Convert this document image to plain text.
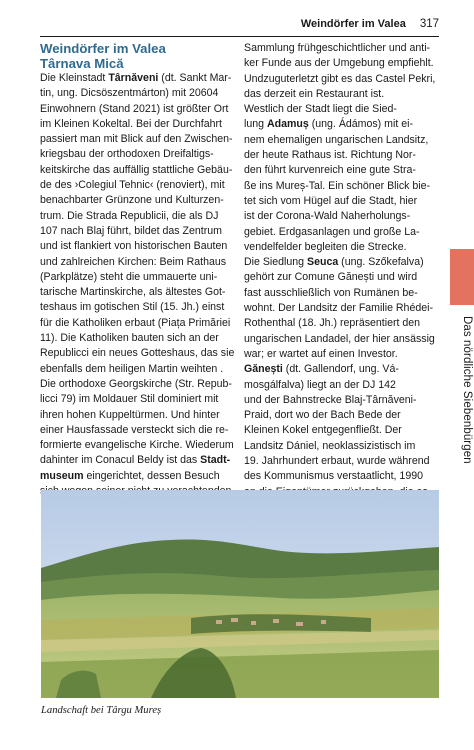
Weindörfer im Valea 317
Weindörfer im Valea
Târnava Mică

Die Kleinstadt Târnăveni (dt. Sankt Mar-
tin, ung. Dicsöszentmárton) mit 20604
Einwohnern (Stand 2021) ist größter Ort
im Kleinen Kokeltal. Bei der Durchfahrt
passiert man mit Blick auf den Zwischen-
kriegsbau der orthodoxen Dreifaltigs-
keitskirche das auffällig stattliche Gebäu-
de des ›Colegiul Tehnic‹ (renoviert), mit
benachbarter Grünzone und Kulturzen-
trum. Die Strada Republicii, die als DJ
107 nach Blaj führt, bildet das Zentrum
und ist flankiert von historischen Bauten
und zahlreichen Kirchen: Beim Rathaus
(Parkplätze) steht die ummauerte uni-
tarische Martinskirche, als ältestes Got-
teshaus im gotischen Stil (15. Jh.) einst
für die Katholiken erbaut (Piața Primăriei
11). Die Katholiken bauten sich an der
Republicci ein neues Gotteshaus, das sie
ebenfalls dem heiligen Martin weihten .
Die orthodoxe Georgskirche (Str. Repub-
licci 79) im Moldauer Stil dominiert mit
ihren hohen Kuppeltürmen. Und hinter
einer Hausfassade versteckt sich die re-
formierte evangelische Kirche. Wiederum
dahinter im Conacul Beldy ist das Stadt-
museum eingerichtet, dessen Besuch

Sammlung frühgeschichtlicher und anti-
ker Funde aus der Umgebung empfiehlt.
Undzuguterletzt gibt es das Castel Pekri,
das derzeit ein Restaurant ist.

Westlich der Stadt liegt die Sied-
lung Adamuș (ung. Ádámos) mit ei-
nem ehemaligen ungarischen Landsitz,
der heute Rathaus ist. Richtung Nor-
den führt kurvenreich eine gute Stra-
ße ins Mureș-Tal. Ein schöner Blick bie-
tet sich vom Hügel auf die Stadt, hier
ist der Corona-Wald Naherholungs-
gebiet. Erdgasanlagen und große La-
vendelfelder begleiten die Strecke.
Die Siedlung Seuca (ung. Szőkefalva)
gehört zur Comune Gănești und wird
fast ausschließlich von Rumänen be-
wohnt. Der Landsitz der Familie Rhédei-
Rothenthal (18. Jh.) repräsentiert den
ungarischen Landadel, der hier ansässig
war; er wartet auf einen Investor.

Gănești (dt. Gallendorf, ung. Vá-
mosgálfalva) liegt an der DJ 142
und der Bahnstrecke Blaj-Târnăveni-
Praid, dort wo der Bach Bede der
Kleinen Kokel entgegenfließt. Der
Landsitz Dániel, neoklassizistisch im
19. Jahrhundert erbaut, wurde während
des Kommunismus verstaatlicht, 1990

Das nördliche Siebenbürgen
Landschaft bei Târgu Mureș
